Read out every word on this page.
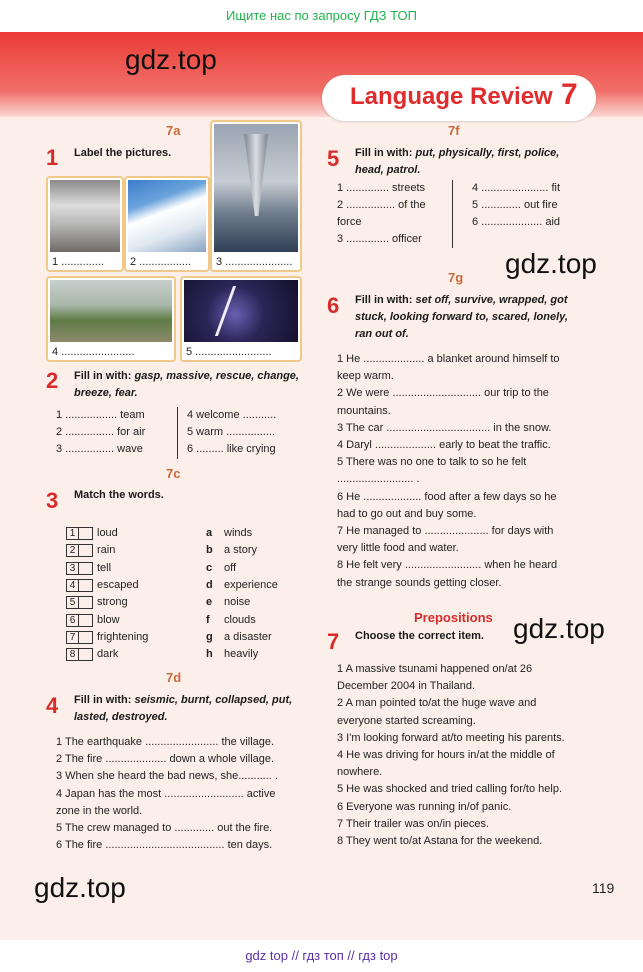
Ищите нас по запросу ГДЗ ТОП
Language Review 7
gdz.top
gdz.top
gdz.top
gdz.top
7a
1 Label the pictures.
1 .............. 2 ................. 3 ......................
4 ........................	5 .........................
2 Fill in with: gasp, massive, rescue, change, breeze, fear.
1 ................. team
2 ................ for air
3 ................ wave
4 welcome ...........
5 warm ................
6 ......... like crying
7c
3 Match the words.
1 loud
2 rain
3 tell
4 escaped
5 strong
6 blow
7 frightening
8 dark
a winds
b a story
c off
d experience
e noise
f clouds
g a disaster
h heavily
7d
4 Fill in with: seismic, burnt, collapsed, put, lasted, destroyed.
1 The earthquake ........................ the village.
2 The fire .................... down a whole village.
3 When she heard the bad news, she........... .
4 Japan has the most .......................... active
zone in the world.
5 The crew managed to ............. out the fire.
6 The fire ....................................... ten days.
7f
5 Fill in with: put, physically, first, police, head, patrol.
1 .............. streets
2 ................ of the
force
3 .............. officer
4 ...................... fit
5 ............. out fire
6 .................... aid
7g
6 Fill in with: set off, survive, wrapped, got stuck, looking forward to, scared, lonely, ran out of.
1 He .................... a blanket around himself to
keep warm.
2 We were ............................. our trip to the
mountains.
3 The car .................................. in the snow.
4 Daryl .................... early to beat the traffic.
5 There was no one to talk to so he felt
......................... .
6 He ................... food after a few days so he
had to go out and buy some.
7 He managed to ..................... for days with
very little food and water.
8 He felt very ......................... when he heard
the strange sounds getting closer.
Prepositions
7 Choose the correct item.
1 A massive tsunami happened on/at 26
December 2004 in Thailand.
2 A man pointed to/at the huge wave and
everyone started screaming.
3 I'm looking forward at/to meeting his parents.
4 He was driving for hours in/at the middle of
nowhere.
5 He was shocked and tried calling for/to help.
6 Everyone was running in/of panic.
7 Their trailer was on/in pieces.
8 They went to/at Astana for the weekend.
119
gdz top // гдз топ // гдз top
